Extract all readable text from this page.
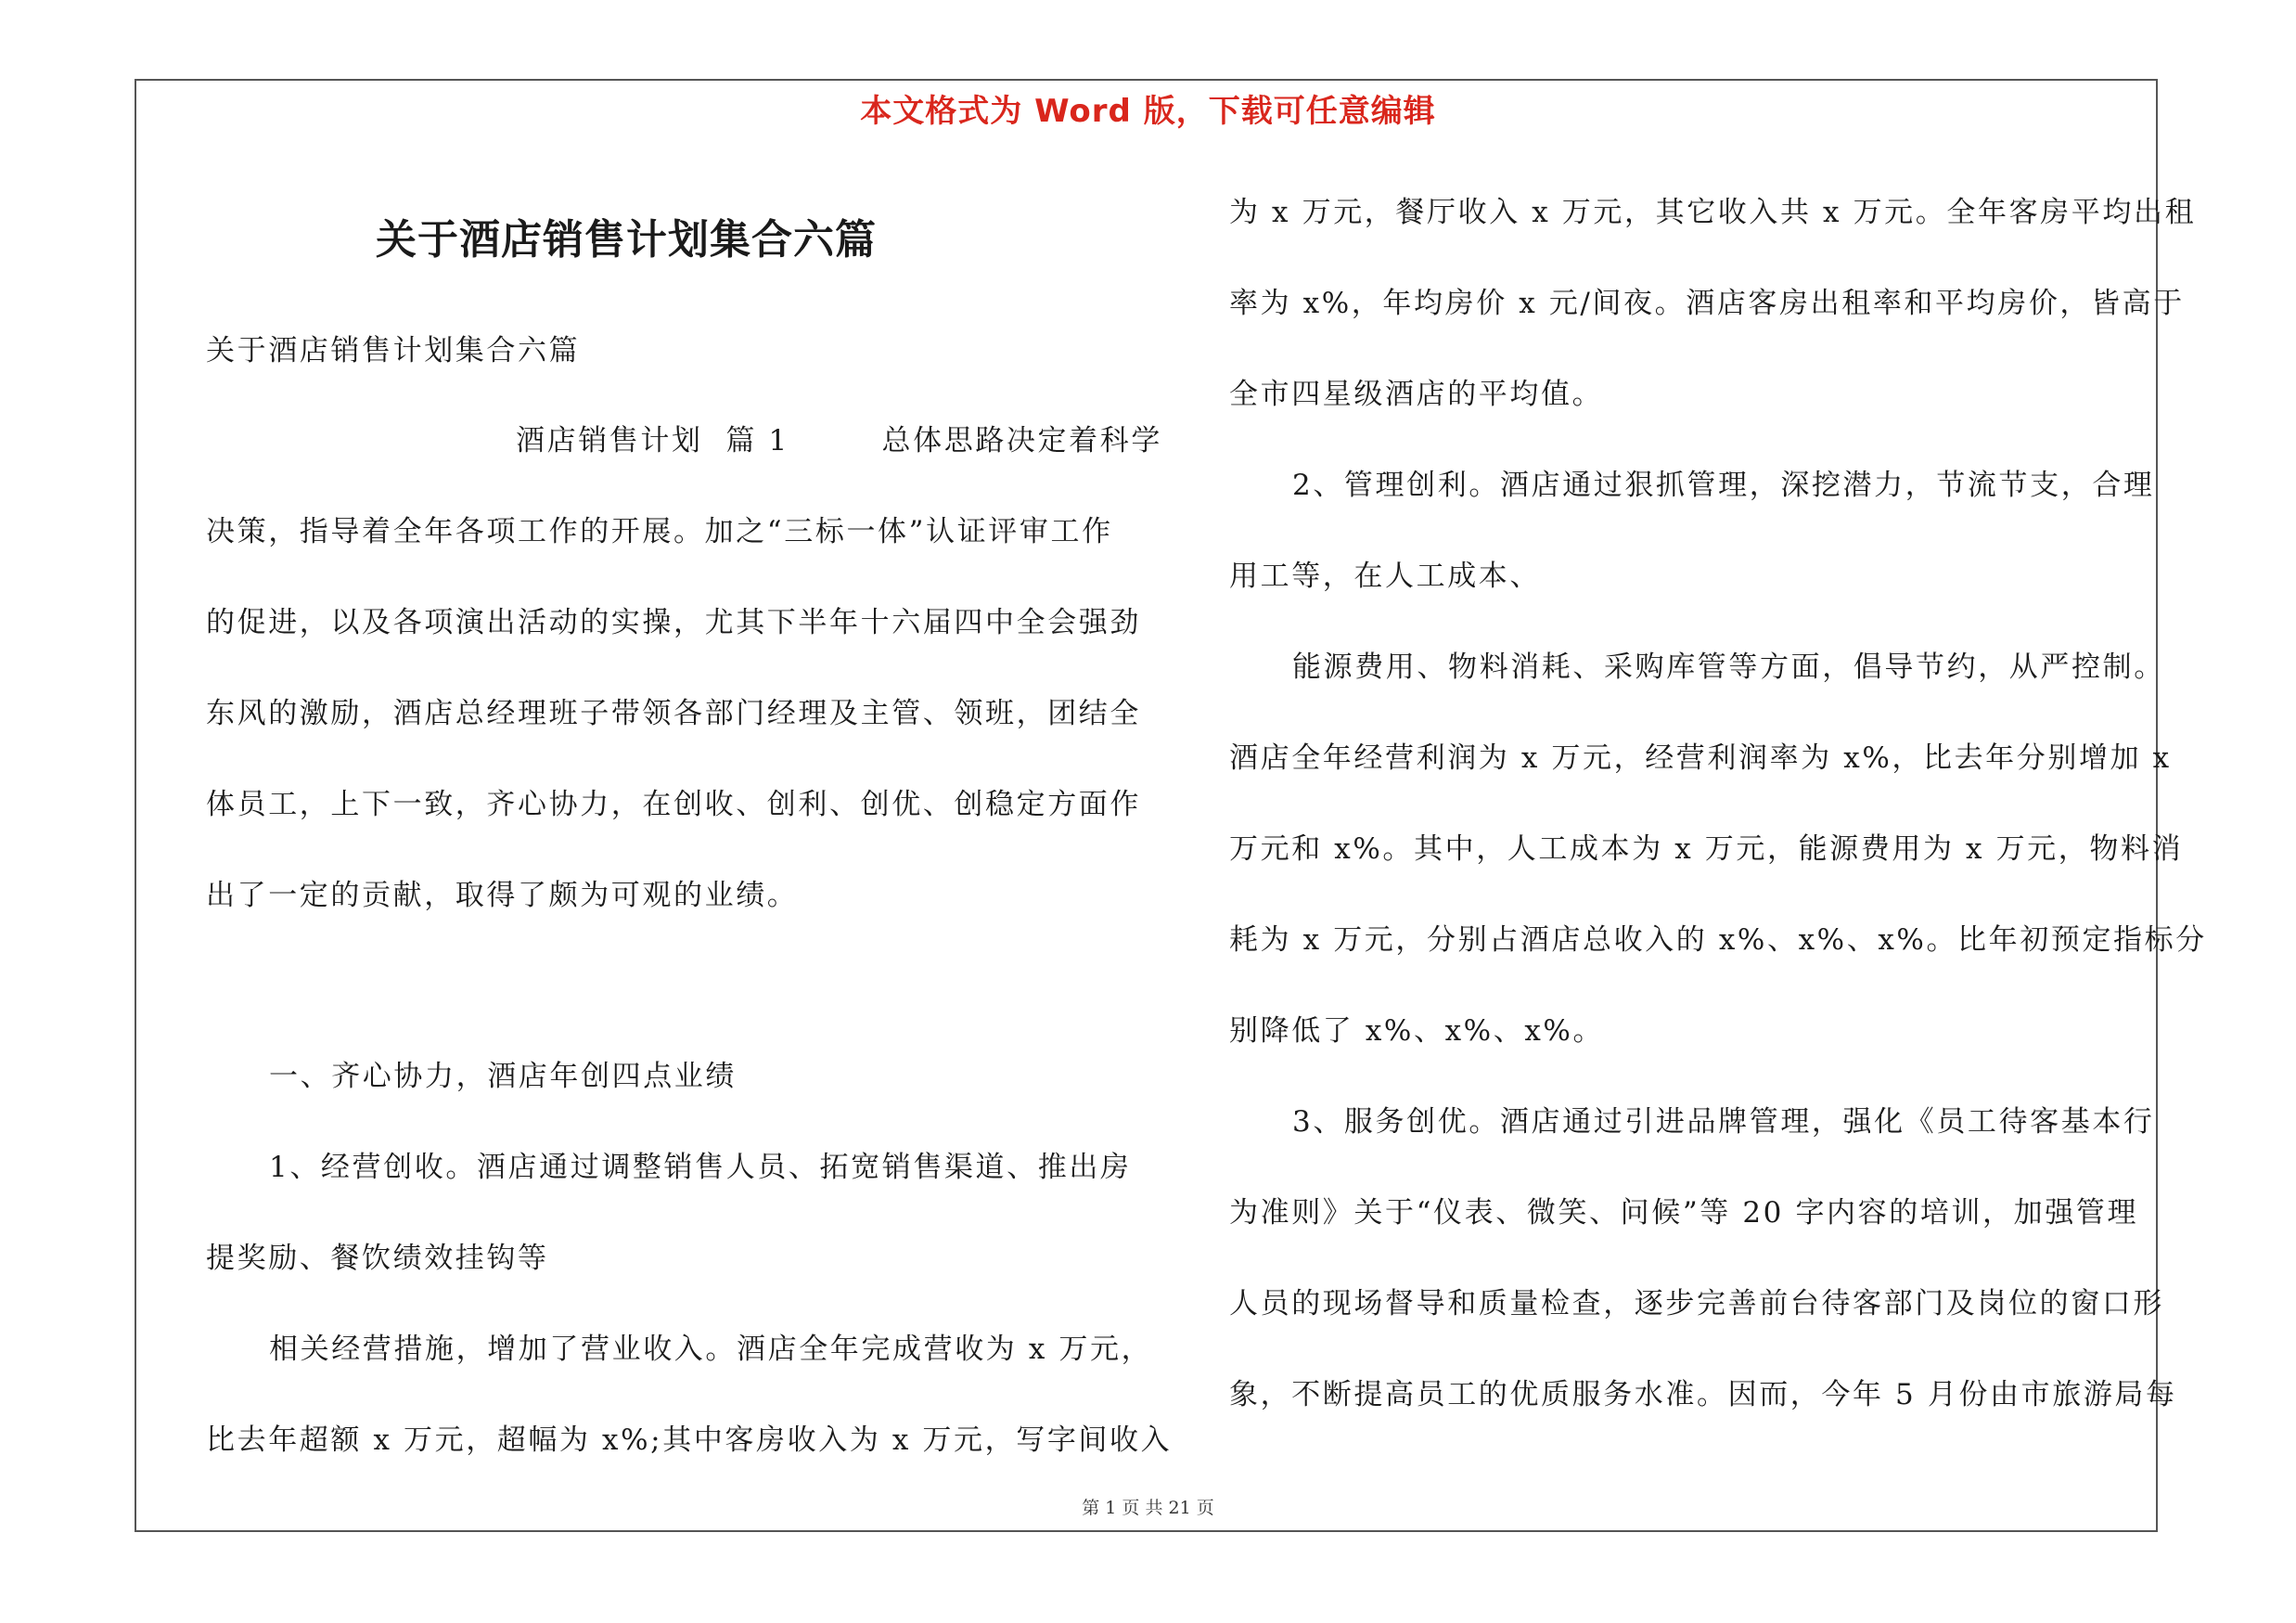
本文格式为 Word 版，下载可任意编辑
关于酒店销售计划集合六篇
关于酒店销售计划集合六篇
酒店销售计划  篇 1        总体思路决定着科学
决策，指导着全年各项工作的开展。加之“三标一体”认证评审工作
的促进，以及各项演出活动的实操，尤其下半年十六届四中全会强劲
东风的激励，酒店总经理班子带领各部门经理及主管、领班，团结全
体员工，上下一致，齐心协力，在创收、创利、创优、创稳定方面作
出了一定的贡献，取得了颇为可观的业绩。
一、齐心协力，酒店年创四点业绩
1、经营创收。酒店通过调整销售人员、拓宽销售渠道、推出房
提奖励、餐饮绩效挂钩等
相关经营措施，增加了营业收入。酒店全年完成营收为 x 万元，
比去年超额 x 万元，超幅为 x%;其中客房收入为 x 万元，写字间收入
为 x 万元，餐厅收入 x 万元，其它收入共 x 万元。全年客房平均出租
率为 x%，年均房价 x 元/间夜。酒店客房出租率和平均房价，皆高于
全市四星级酒店的平均值。
2、管理创利。酒店通过狠抓管理，深挖潜力，节流节支，合理
用工等，在人工成本、
能源费用、物料消耗、采购库管等方面，倡导节约，从严控制。
酒店全年经营利润为 x 万元，经营利润率为 x%，比去年分别增加 x
万元和 x%。其中，人工成本为 x 万元，能源费用为 x 万元，物料消
耗为 x 万元，分别占酒店总收入的 x%、x%、x%。比年初预定指标分
别降低了 x%、x%、x%。
3、服务创优。酒店通过引进品牌管理，强化《员工待客基本行
为准则》关于“仪表、微笑、问候”等 20 字内容的培训，加强管理
人员的现场督导和质量检查，逐步完善前台待客部门及岗位的窗口形
象，不断提高员工的优质服务水准。因而，今年 5 月份由市旅游局每
第 1 页 共 21 页
